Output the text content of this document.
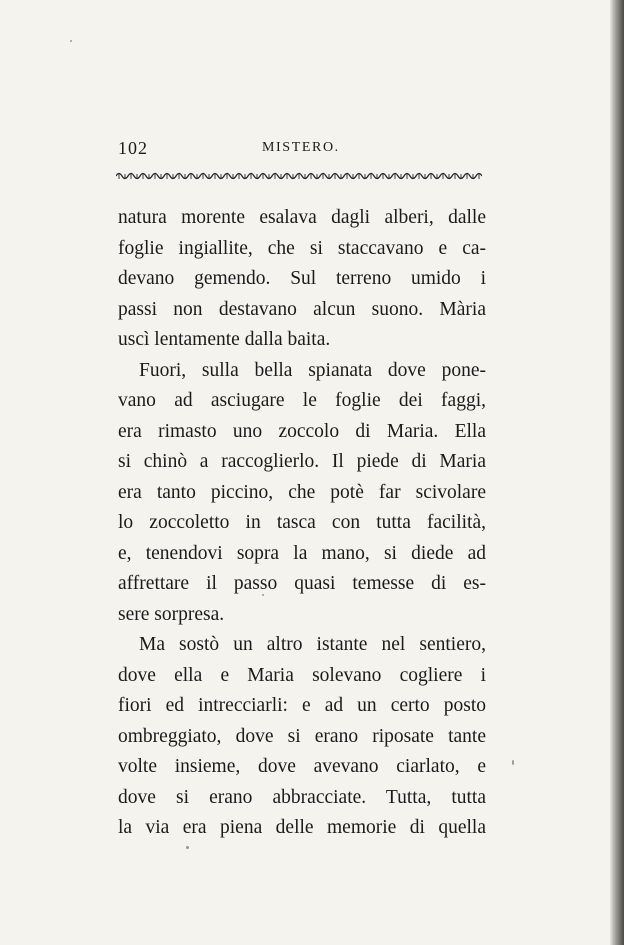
102	MISTERO.
natura morente esalava dagli alberi, dalle
foglie ingiallite, che si staccavano e ca-
devano gemendo. Sul terreno umido i
passi non destavano alcun suono. Mària
uscì lentamente dalla baita.
Fuori, sulla bella spianata dove pone-
vano ad asciugare le foglie dei faggi,
era rimasto uno zoccolo di Maria. Ella
si chinò a raccoglierlo. Il piede di Maria
era tanto piccino, che potè far scivolare
lo zoccoletto in tasca con tutta facilità,
e, tenendovi sopra la mano, si diede ad
affrettare il passo quasi temesse di es-
sere sorpresa.
Ma sostò un altro istante nel sentiero,
dove ella e Maria solevano cogliere i
fiori ed intrecciarli: e ad un certo posto
ombreggiato, dove si erano riposate tante
volte insieme, dove avevano ciarlato, e
dove si erano abbracciate. Tutta, tutta
la via era piena delle memorie di quella
